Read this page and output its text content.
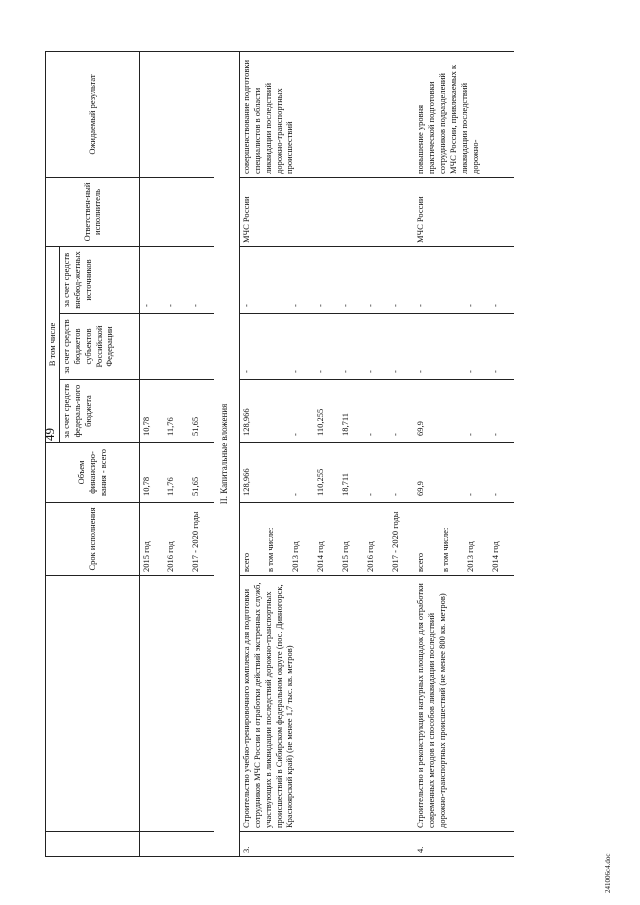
49
241006с4.doc
		Срок исполнения	Объем финансиро-вания - всего	В том числе			Ответствен-ный исполнитель	Ожидаемый результат
				за счет средств федераль-ного бюджета	за счет средств бюджетов субъектов Российской Федерации	за счет средств внебюд-жетных источников		
		2015 год	10,78	10,78		-		
		2016 год	11,76	11,76		-		
		2017 - 2020 годы	51,65	51,65		-		
II. Капитальные вложения								
3.	Строительство учебно-тренировочного комплекса для подготовки сотрудников МЧС России и отработки действий экстренных служб, участвующих в ликвидации последствий дорожно-транспортных происшествий в Сибирском федеральном округе (пос. Дивногорск, Красноярский край) (не менее 1,7 тыс. кв. метров)	всего	128,966	128,966	-	-	МЧС России	совершенствование подготовки специалистов в области ликвидации последствий дорожно-транспортных происшествий
		в том числе:						
		2013 год	-	-	-	-		
		2014 год	110,255	110,255	-	-		
		2015 год	18,711	18,711	-	-		
		2016 год	-	-	-	-		
		2017 - 2020 годы	-	-	-	-		
4.	Строительство и реконструкция натурных площадок для отработки современных методов и способов ликвидации последствий дорожно-транспортных происшествий (не менее 800 кв. метров)	всего	69,9	69,9	-	-	МЧС России	повышение уровня практической подготовки сотрудников подразделений МЧС России, привлекаемых к ликвидации последствий дорожно-
		в том числе:						
		2013 год	-	-	-	-		
		2014 год	-	-	-	-		
